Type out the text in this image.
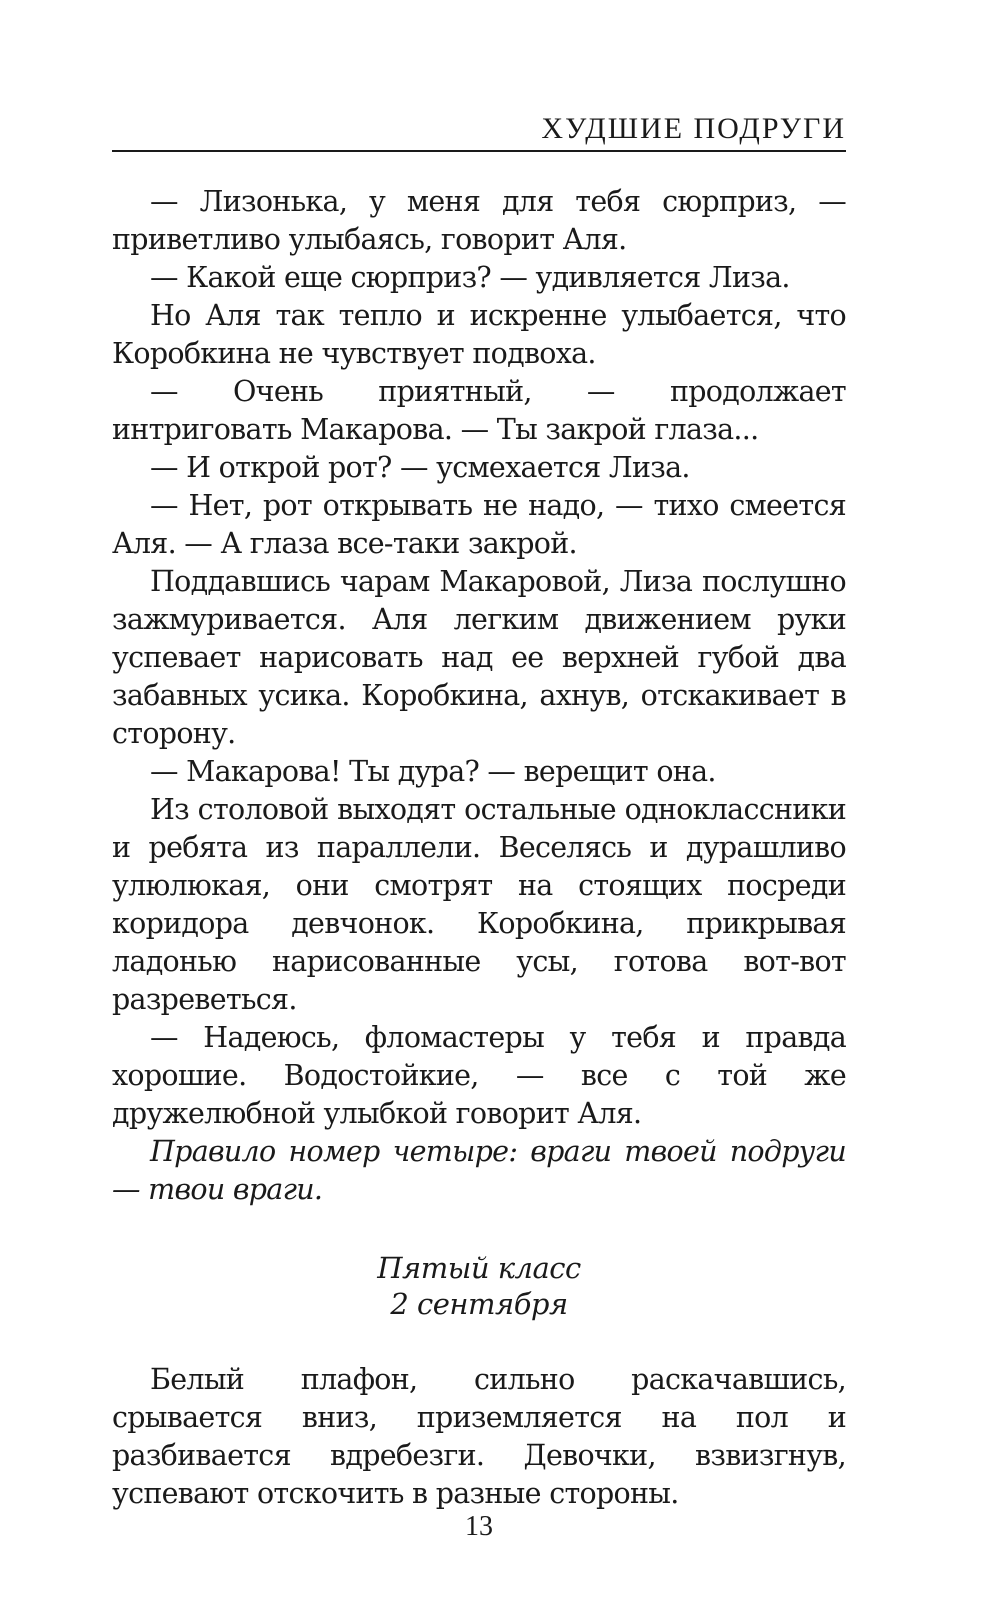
ХУДШИЕ ПОДРУГИ

— Лизонька, у меня для тебя сюрприз, — приветливо улыбаясь, говорит Аля.

— Какой еще сюрприз? — удивляется Лиза.

Но Аля так тепло и искренне улыбается, что Коробкина не чувствует подвоха.

— Очень приятный, — продолжает интриговать Макарова. — Ты закрой глаза...

— И открой рот? — усмехается Лиза.

— Нет, рот открывать не надо, — тихо смеется Аля. — А глаза все-таки закрой.

Поддавшись чарам Макаровой, Лиза послушно зажмуривается. Аля легким движением руки успевает нарисовать над ее верхней губой два забавных усика. Коробкина, ахнув, отскакивает в сторону.

— Макарова! Ты дура? — верещит она.

Из столовой выходят остальные одноклассники и ребята из параллели. Веселясь и дурашливо улюлюкая, они смотрят на стоящих посреди коридора девчонок. Коробкина, прикрывая ладонью нарисованные усы, готова вот-вот разреветься.

— Надеюсь, фломастеры у тебя и правда хорошие. Водостойкие, — все с той же дружелюбной улыбкой говорит Аля.

Правило номер четыре: враги твоей подруги — твои враги.

Пятый класс
2 сентября

Белый плафон, сильно раскачавшись, срывается вниз, приземляется на пол и разбивается вдребезги. Девочки, взвизгнув, успевают отскочить в разные стороны.

13
